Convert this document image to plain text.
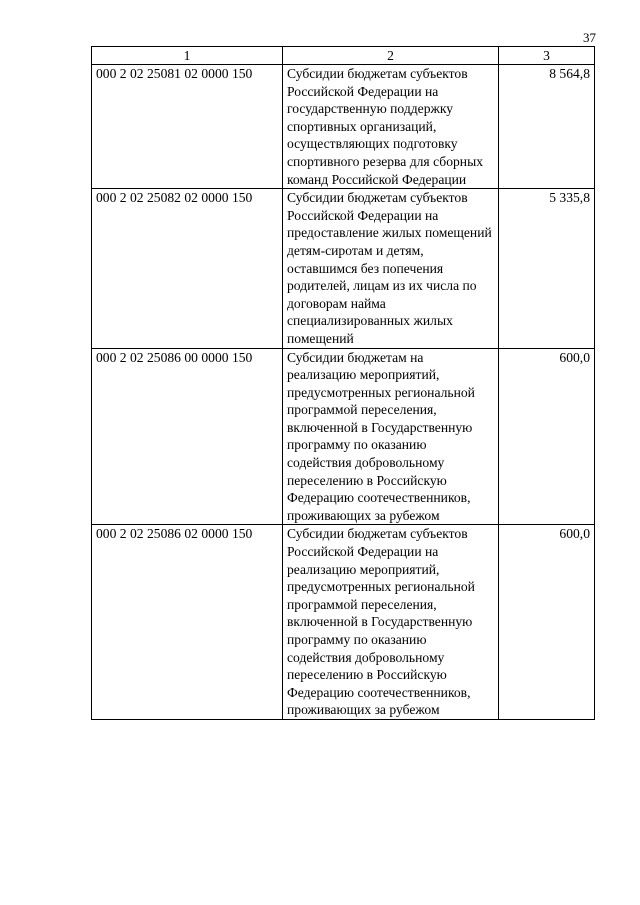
37
1	2	3
000 2 02 25081 02 0000 150	Субсидии бюджетам субъектов Российской Федерации на государственную поддержку спортивных организаций, осуществляющих подготовку спортивного резерва для сборных команд Российской Федерации	8 564,8
000 2 02 25082 02 0000 150	Субсидии бюджетам субъектов Российской Федерации на предоставление жилых помещений детям-сиротам и детям, оставшимся без попечения родителей, лицам из их числа по договорам найма специализированных жилых помещений	5 335,8
000 2 02 25086 00 0000 150	Субсидии бюджетам на реализацию мероприятий, предусмотренных региональной программой переселения, включенной в Государственную программу по оказанию содействия добровольному переселению в Российскую Федерацию соотечественников, проживающих за рубежом	600,0
000 2 02 25086 02 0000 150	Субсидии бюджетам субъектов Российской Федерации на реализацию мероприятий, предусмотренных региональной программой переселения, включенной в Государственную программу по оказанию содействия добровольному переселению в Российскую Федерацию соотечественников, проживающих за рубежом	600,0
